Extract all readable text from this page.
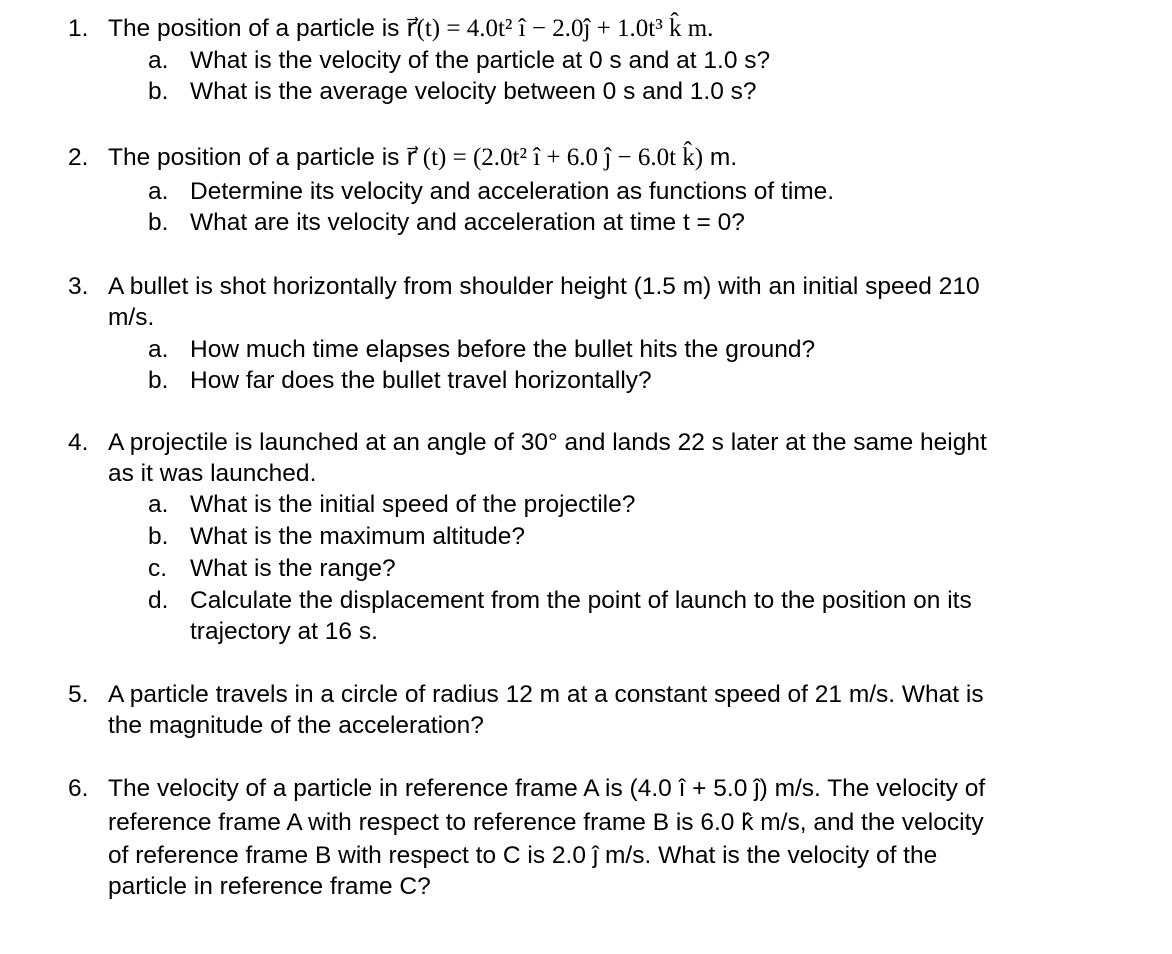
1. The position of a particle is r⃗(t) = 4.0t² î − 2.0ĵ + 1.0t³ k̂ m.
a. What is the velocity of the particle at 0 s and at 1.0 s?
b. What is the average velocity between 0 s and 1.0 s?
2. The position of a particle is r⃗ (t) = (2.0t² î + 6.0 ĵ − 6.0t k̂) m.
a. Determine its velocity and acceleration as functions of time.
b. What are its velocity and acceleration at time t = 0?
3. A bullet is shot horizontally from shoulder height (1.5 m) with an initial speed 210
m/s.
a. How much time elapses before the bullet hits the ground?
b. How far does the bullet travel horizontally?
4. A projectile is launched at an angle of 30° and lands 22 s later at the same height
as it was launched.
a. What is the initial speed of the projectile?
b. What is the maximum altitude?
c. What is the range?
d. Calculate the displacement from the point of launch to the position on its
trajectory at 16 s.
5. A particle travels in a circle of radius 12 m at a constant speed of 21 m/s. What is
the magnitude of the acceleration?
6. The velocity of a particle in reference frame A is (4.0 î + 5.0 ĵ) m/s. The velocity of
reference frame A with respect to reference frame B is 6.0 k̂ m/s, and the velocity
of reference frame B with respect to C is 2.0 ĵ m/s. What is the velocity of the
particle in reference frame C?
